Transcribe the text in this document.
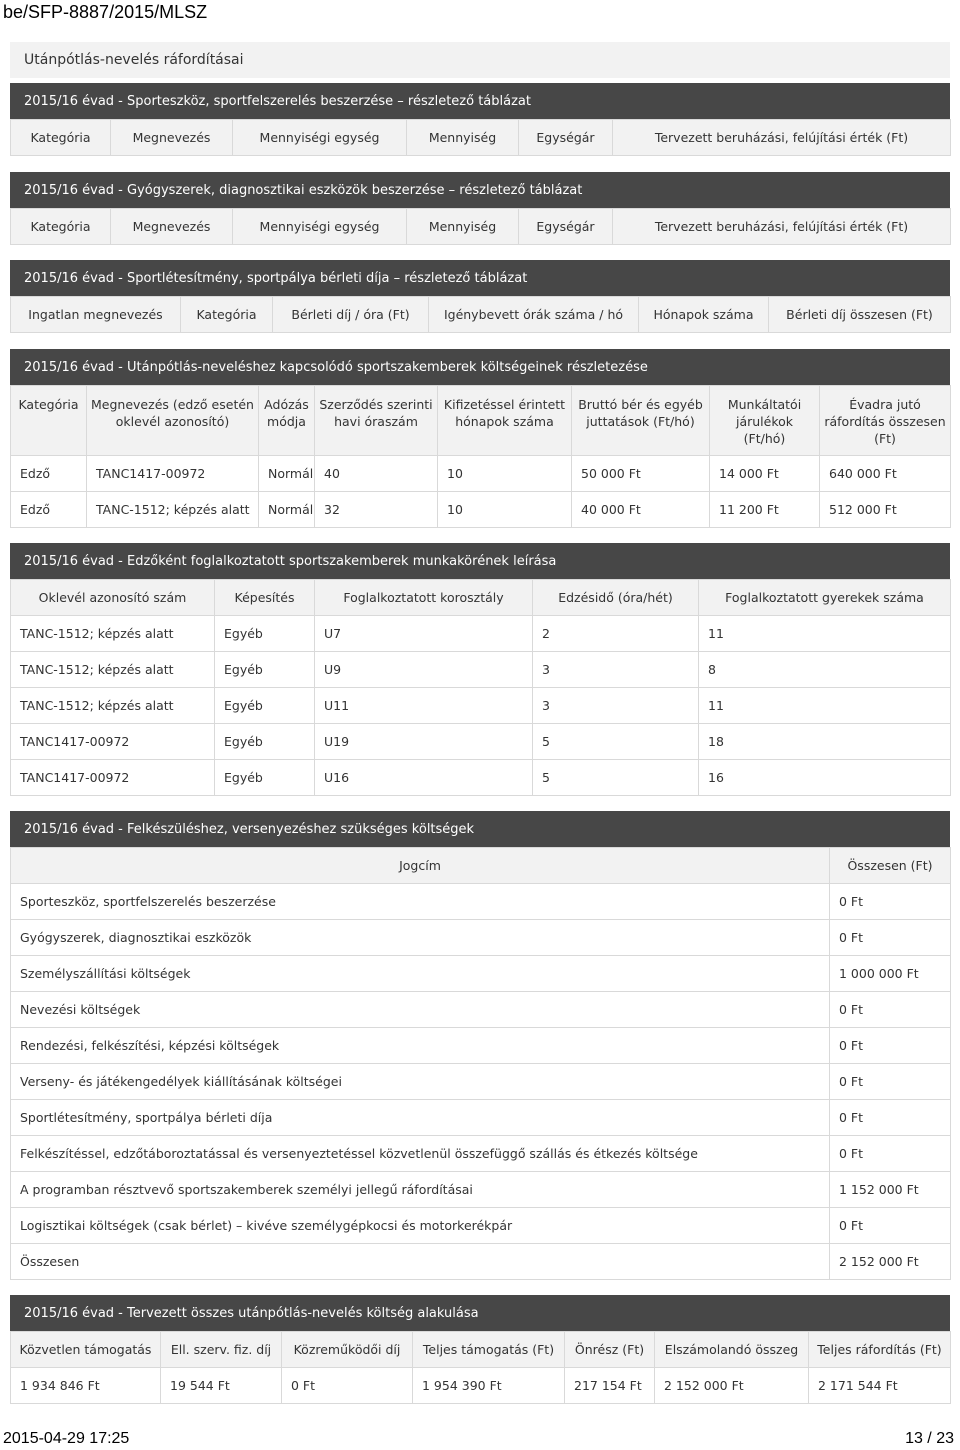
be/SFP-8887/2015/MLSZ
Utánpótlás-nevelés ráfordításai
2015/16 évad - Sporteszköz, sportfelszerelés beszerzése – részletező táblázat
Kategória	Megnevezés	Mennyiségi egység	Mennyiség	Egységár	Tervezett beruházási, felújítási érték (Ft)
2015/16 évad - Gyógyszerek, diagnosztikai eszközök beszerzése – részletező táblázat
Kategória	Megnevezés	Mennyiségi egység	Mennyiség	Egységár	Tervezett beruházási, felújítási érték (Ft)
2015/16 évad - Sportlétesítmény, sportpálya bérleti díja – részletező táblázat
Ingatlan megnevezés	Kategória	Bérleti díj / óra (Ft)	Igénybevett órák száma / hó	Hónapok száma	Bérleti díj összesen (Ft)
2015/16 évad - Utánpótlás-neveléshez kapcsolódó sportszakemberek költségeinek részletezése
Kategória	Megnevezés (edző esetén oklevél azonosító)	Adózás módja	Szerződés szerinti havi óraszám	Kifizetéssel érintett hónapok száma	Bruttó bér és egyéb juttatások (Ft/hó)	Munkáltatói járulékok (Ft/hó)	Évadra jutó ráfordítás összesen (Ft)
Edző	TANC1417-00972	Normál	40	10	50 000 Ft	14 000 Ft	640 000 Ft
Edző	TANC-1512; képzés alatt	Normál	32	10	40 000 Ft	11 200 Ft	512 000 Ft
2015/16 évad - Edzőként foglalkoztatott sportszakemberek munkakörének leírása
Oklevél azonosító szám	Képesítés	Foglalkoztatott korosztály	Edzésidő (óra/hét)	Foglalkoztatott gyerekek száma
TANC-1512; képzés alatt	Egyéb	U7	2	11
TANC-1512; képzés alatt	Egyéb	U9	3	8
TANC-1512; képzés alatt	Egyéb	U11	3	11
TANC1417-00972	Egyéb	U19	5	18
TANC1417-00972	Egyéb	U16	5	16
2015/16 évad - Felkészüléshez, versenyezéshez szükséges költségek
Jogcím	Összesen (Ft)
Sporteszköz, sportfelszerelés beszerzése	0 Ft
Gyógyszerek, diagnosztikai eszközök	0 Ft
Személyszállítási költségek	1 000 000 Ft
Nevezési költségek	0 Ft
Rendezési, felkészítési, képzési költségek	0 Ft
Verseny- és játékengedélyek kiállításának költségei	0 Ft
Sportlétesítmény, sportpálya bérleti díja	0 Ft
Felkészítéssel, edzőtáboroztatással és versenyeztetéssel közvetlenül összefüggő szállás és étkezés költsége	0 Ft
A programban résztvevő sportszakemberek személyi jellegű ráfordításai	1 152 000 Ft
Logisztikai költségek (csak bérlet) – kivéve személygépkocsi és motorkerékpár	0 Ft
Összesen	2 152 000 Ft
2015/16 évad - Tervezett összes utánpótlás-nevelés költség alakulása
Közvetlen támogatás	Ell. szerv. fiz. díj	Közreműködői díj	Teljes támogatás (Ft)	Önrész (Ft)	Elszámolandó összeg	Teljes ráfordítás (Ft)
1 934 846 Ft	19 544 Ft	0 Ft	1 954 390 Ft	217 154 Ft	2 152 000 Ft	2 171 544 Ft
2015-04-29 17:25	13 / 23
